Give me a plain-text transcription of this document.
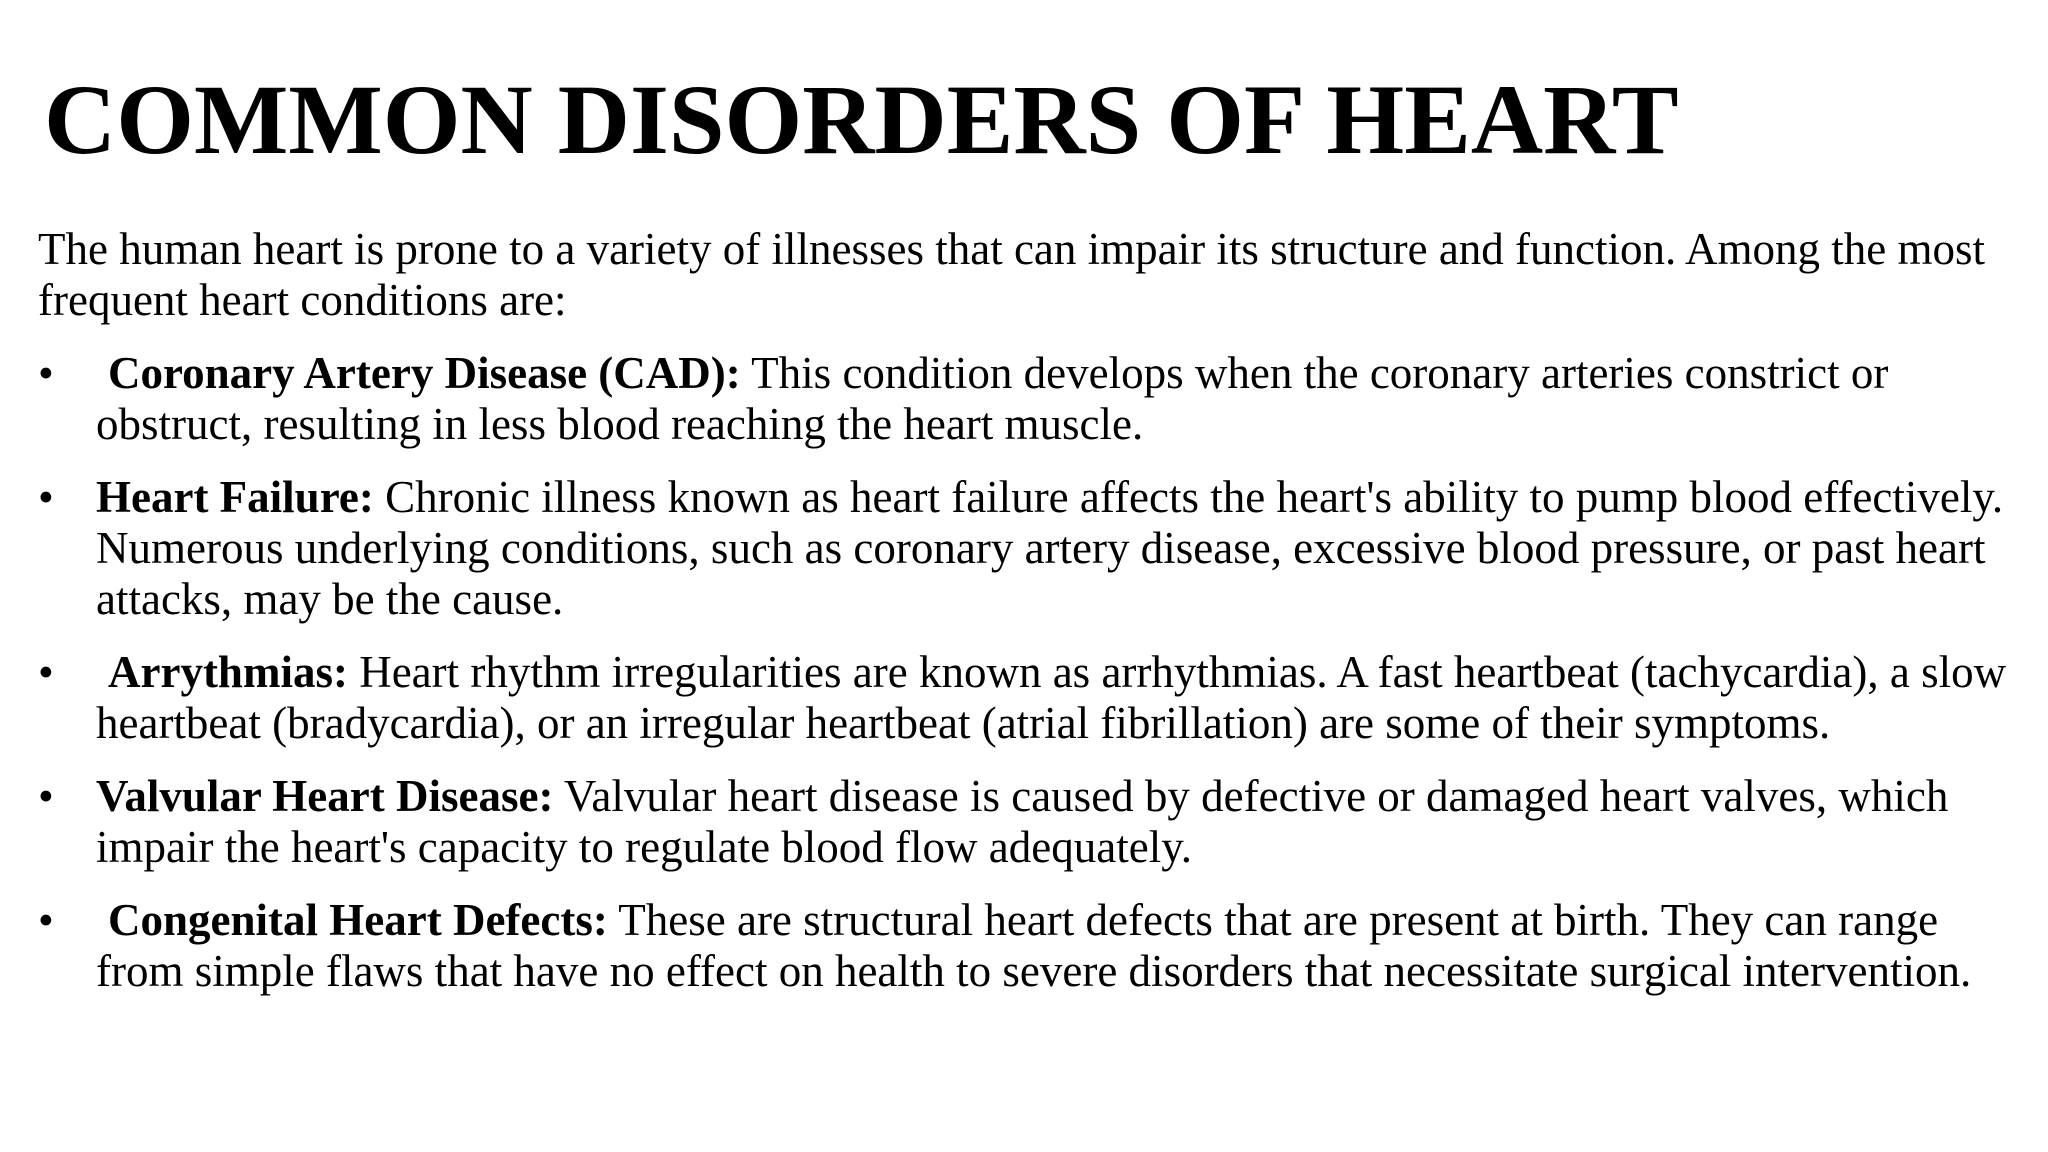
COMMON DISORDERS OF HEART

The human heart is prone to a variety of illnesses that can impair its structure and function. Among the most frequent heart conditions are:

•	Coronary Artery Disease (CAD): This condition develops when the coronary arteries constrict or obstruct, resulting in less blood reaching the heart muscle.
• Heart Failure: Chronic illness known as heart failure affects the heart's ability to pump blood effectively. Numerous underlying conditions, such as coronary artery disease, excessive blood pressure, or past heart attacks, may be the cause.
•	Arrythmias: Heart rhythm irregularities are known as arrhythmias. A fast heartbeat (tachycardia), a slow heartbeat (bradycardia), or an irregular heartbeat (atrial fibrillation) are some of their symptoms.
• Valvular Heart Disease: Valvular heart disease is caused by defective or damaged heart valves, which impair the heart's capacity to regulate blood flow adequately.
•	Congenital Heart Defects: These are structural heart defects that are present at birth. They can range from simple flaws that have no effect on health to severe disorders that necessitate surgical intervention.
